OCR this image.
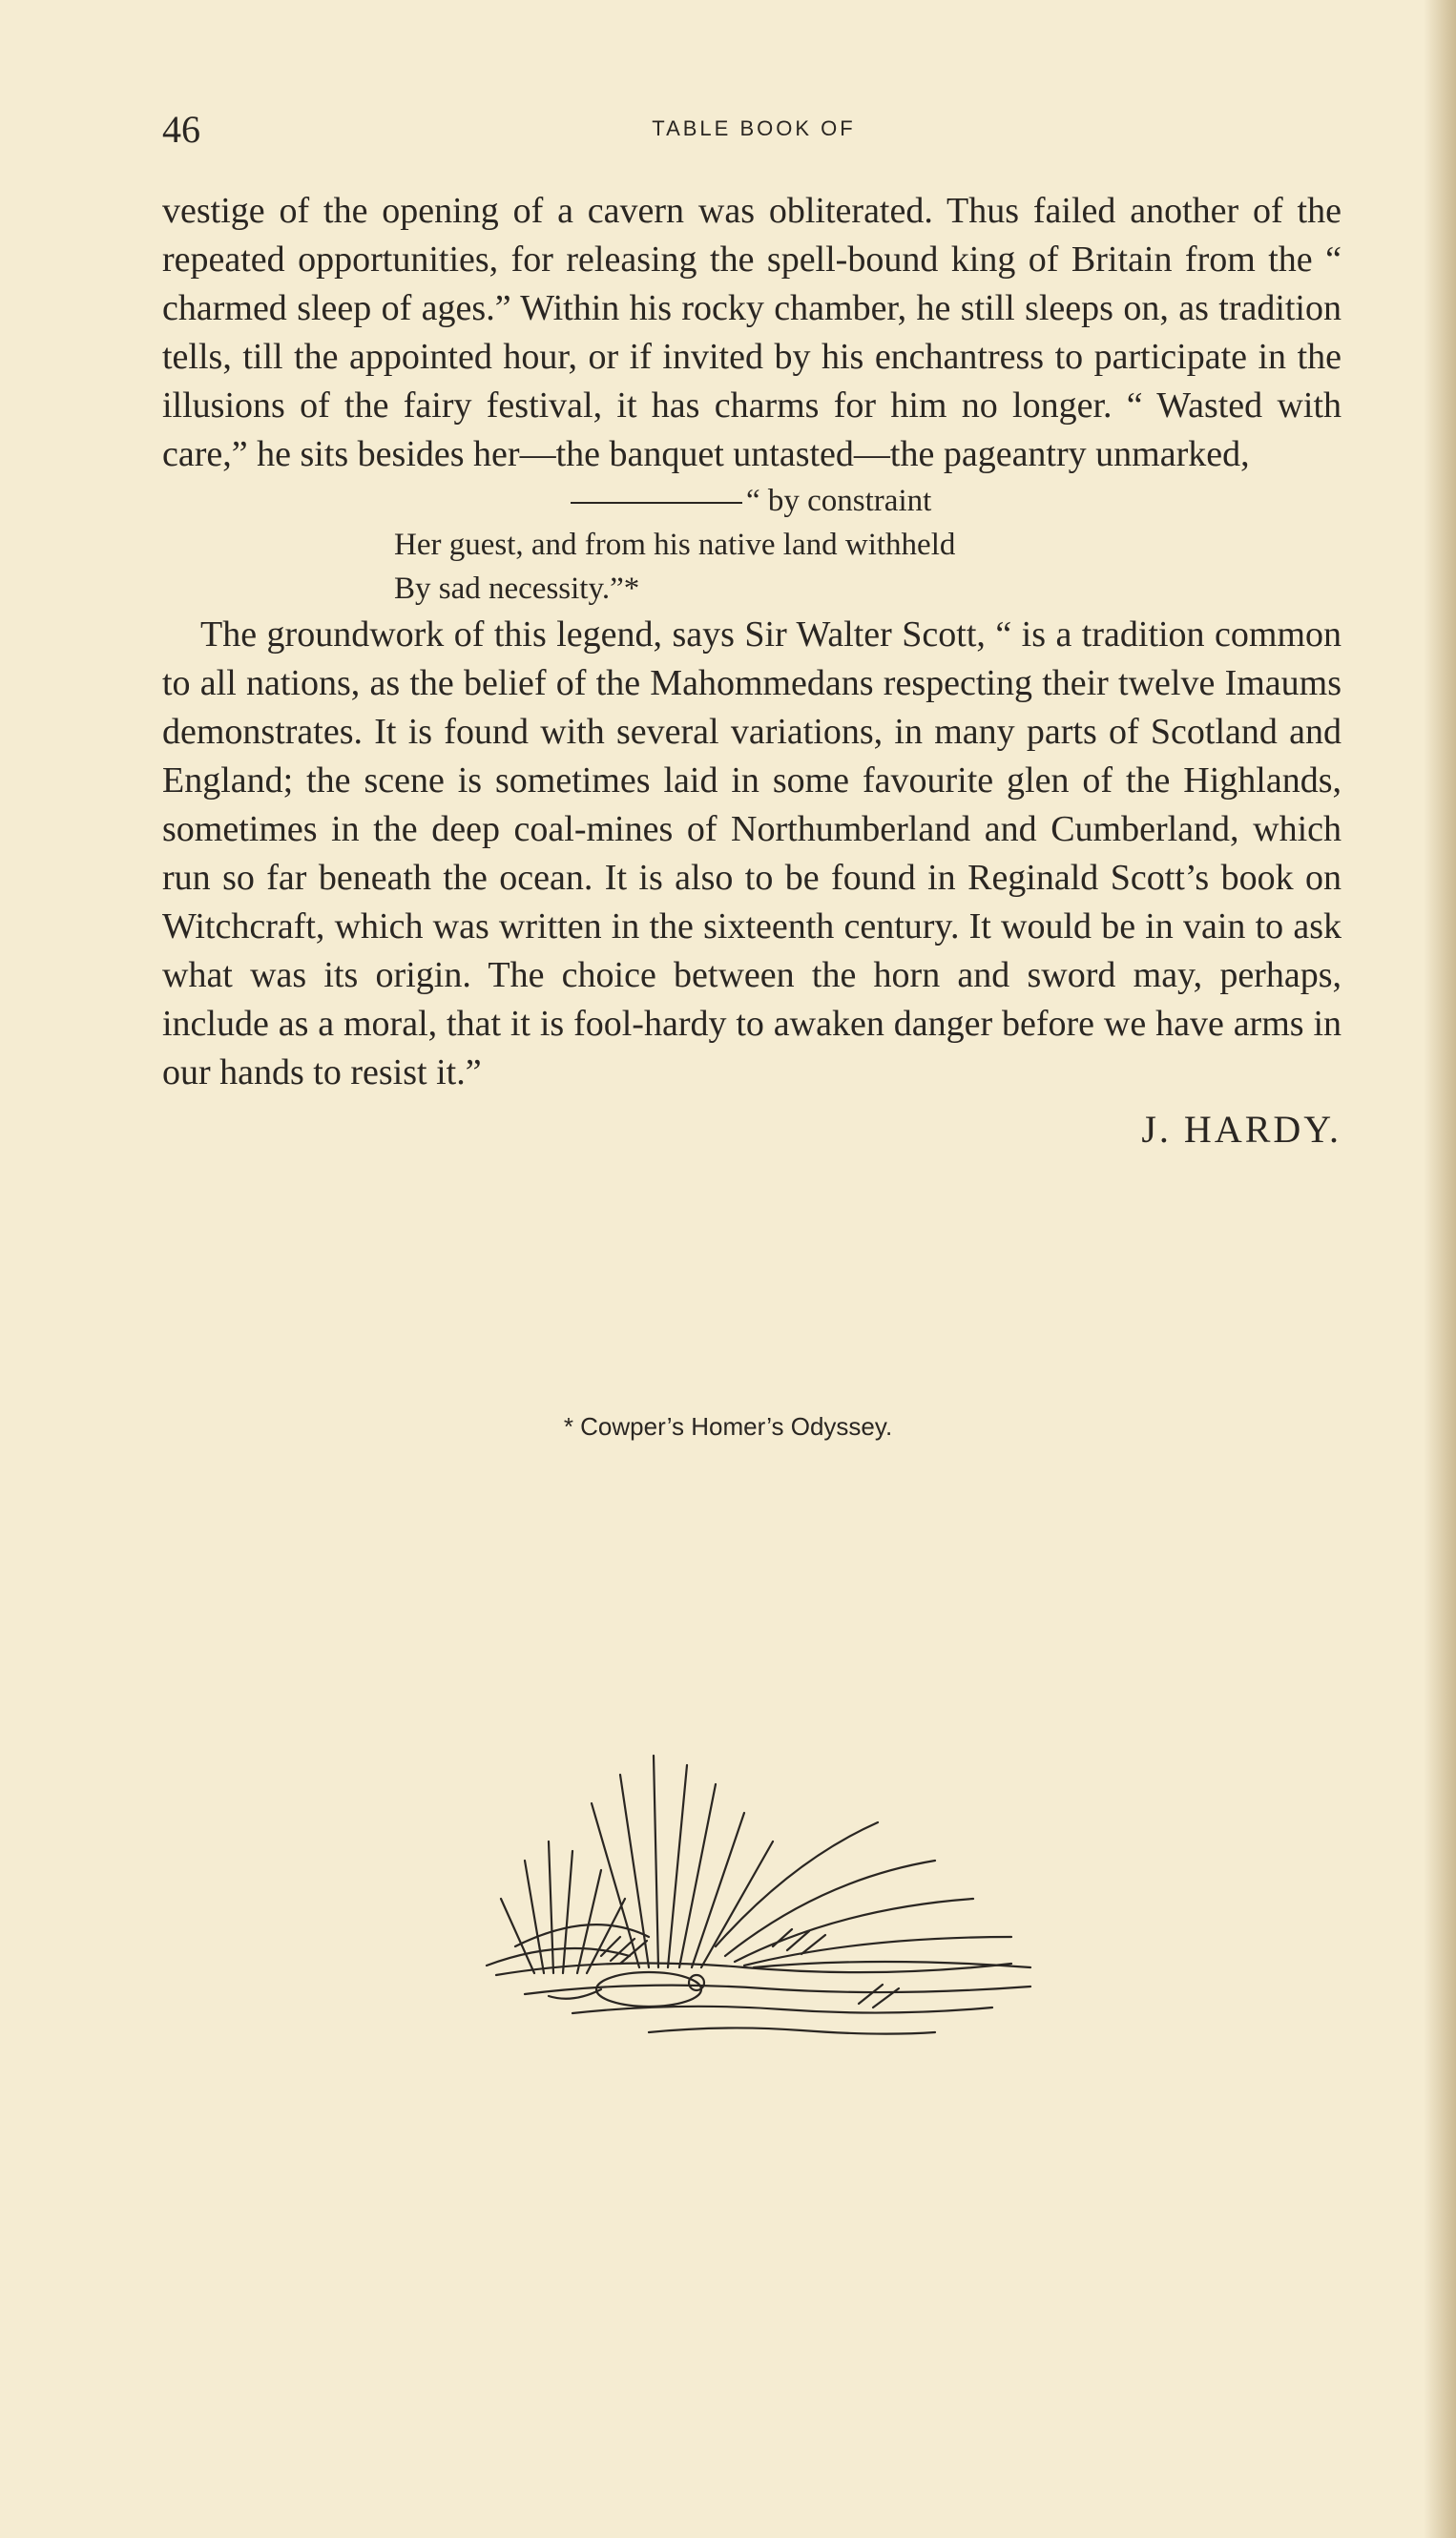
46	TABLE BOOK OF

vestige of the opening of a cavern was obliterated. Thus failed another of the repeated opportunities, for releasing the spell-bound king of Britain from the “ charmed sleep of ages.” Within his rocky chamber, he still sleeps on, as tradition tells, till the appointed hour, or if invited by his enchantress to participate in the illusions of the fairy festival, it has charms for him no longer. “ Wasted with care,” he sits besides her—the banquet untasted—the pageantry unmarked,

“ by constraint
Her guest, and from his native land withheld
By sad necessity.”*

The groundwork of this legend, says Sir Walter Scott, “ is a tradition common to all nations, as the belief of the Mahommedans respecting their twelve Imaums demonstrates. It is found with several variations, in many parts of Scotland and England; the scene is sometimes laid in some favourite glen of the Highlands, sometimes in the deep coal-mines of Northumberland and Cumberland, which run so far beneath the ocean. It is also to be found in Reginald Scott’s book on Witchcraft, which was written in the sixteenth century. It would be in vain to ask what was its origin. The choice between the horn and sword may, perhaps, include as a moral, that it is fool-hardy to awaken danger before we have arms in our hands to resist it.”

J. HARDY.
* Cowper’s Homer’s Odyssey.
